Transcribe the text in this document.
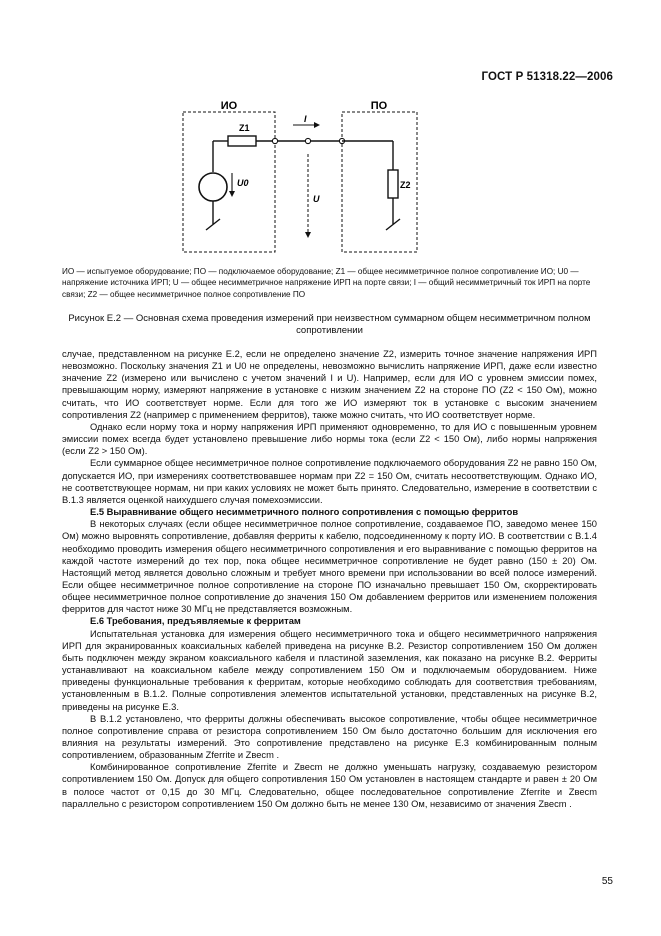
ГОСТ Р 51318.22—2006
ИО	ПО
Z1
U0
I
U
Z2
ИО — испытуемое оборудование; ПО — подключаемое оборудование; Z1 — общее несимметричное полное сопротивление ИО; U0 — напряжение источника ИРП; U — общее несимметричное напряжение ИРП на порте связи; I — общий несимметричный ток ИРП на порте связи; Z2 — общее несимметричное полное сопротивление ПО
Рисунок Е.2 — Основная схема проведения измерений при неизвестном суммарном общем несимметричном полном сопротивлении

случае, представленном на рисунке Е.2, если не определено значение Z2, измерить точное значение напряжения ИРП невозможно. Поскольку значения Z1 и U0 не определены, невозможно вычислить напряжение ИРП, даже если известно значение Z2 (измерено или вычислено с учетом значений I и U). Например, если для ИО с уровнем эмиссии помех, превышающим норму, измеряют напряжение в установке с низким значением Z2 на стороне ПО (Z2 < 150 Ом), можно считать, что ИО соответствует норме. Если для того же ИО измеряют ток в установке с высоким значением сопротивления Z2 (например с применением ферритов), также можно считать, что ИО соответствует норме.

Однако если норму тока и норму напряжения ИРП применяют одновременно, то для ИО с повышенным уровнем эмиссии помех всегда будет установлено превышение либо нормы тока (если Z2 < 150 Ом), либо нормы напряжения (если Z2 > 150 Ом).

Если суммарное общее несимметричное полное сопротивление подключаемого оборудования Z2 не равно 150 Ом, допускается ИО, при измерениях соответствовавшее нормам при Z2 = 150 Ом, считать несоответствующим. Однако ИО, не соответствующее нормам, ни при каких условиях не может быть принято. Следовательно, измерение в соответствии с В.1.3 является оценкой наихудшего случая помехоэмиссии.

Е.5 Выравнивание общего несимметричного полного сопротивления с помощью ферритов

В некоторых случаях (если общее несимметричное полное сопротивление, создаваемое ПО, заведомо менее 150 Ом) можно выровнять сопротивление, добавляя ферриты к кабелю, подсоединенному к порту ИО. В соответствии с В.1.4 необходимо проводить измерения общего несимметричного сопротивления и его выравнивание с помощью ферритов на каждой частоте измерений до тех пор, пока общее несимметричное сопротивление не будет равно (150 ± 20) Ом. Настоящий метод является довольно сложным и требует много времени при использовании во всей полосе измерений. Если общее несимметричное полное сопротивление на стороне ПО изначально превышает 150 Ом, скорректировать общее несимметричное полное сопротивление до значения 150 Ом добавлением ферритов или изменением положения ферритов для частот ниже 30 МГц не представляется возможным.

Е.6 Требования, предъявляемые к ферритам

Испытательная установка для измерения общего несимметричного тока и общего несимметричного напряжения ИРП для экранированных коаксиальных кабелей приведена на рисунке В.2. Резистор сопротивлением 150 Ом должен быть подключен между экраном коаксиального кабеля и пластиной заземления, как показано на рисунке В.2. Ферриты устанавливают на коаксиальном кабеле между сопротивлением 150 Ом и подключаемым оборудованием. Ниже приведены функциональные требования к ферритам, которые необходимо соблюдать для соответствия требованиям, установленным в В.1.2. Полные сопротивления элементов испытательной установки, представленных на рисунке В.2, приведены на рисунке Е.3.

В В.1.2 установлено, что ферриты должны обеспечивать высокое сопротивление, чтобы общее несимметричное полное сопротивление справа от резистора сопротивлением 150 Ом было достаточно большим для исключения его влияния на результаты измерений. Это сопротивление представлено на рисунке Е.3 комбинированным полным сопротивлением, образованным Zferrite и Zвесm .

Комбинированное сопротивление Zferrite и Zвесm не должно уменьшать нагрузку, создаваемую резистором сопротивлением 150 Ом. Допуск для общего сопротивления 150 Ом установлен в настоящем стандарте и равен ± 20 Ом в полосе частот от 0,15 до 30 МГц. Следовательно, общее последовательное сопротивление Zferrite и Zвесm параллельно с резистором сопротивлением 150 Ом должно быть не менее 130 Ом, независимо от значения Zвесm .

55
